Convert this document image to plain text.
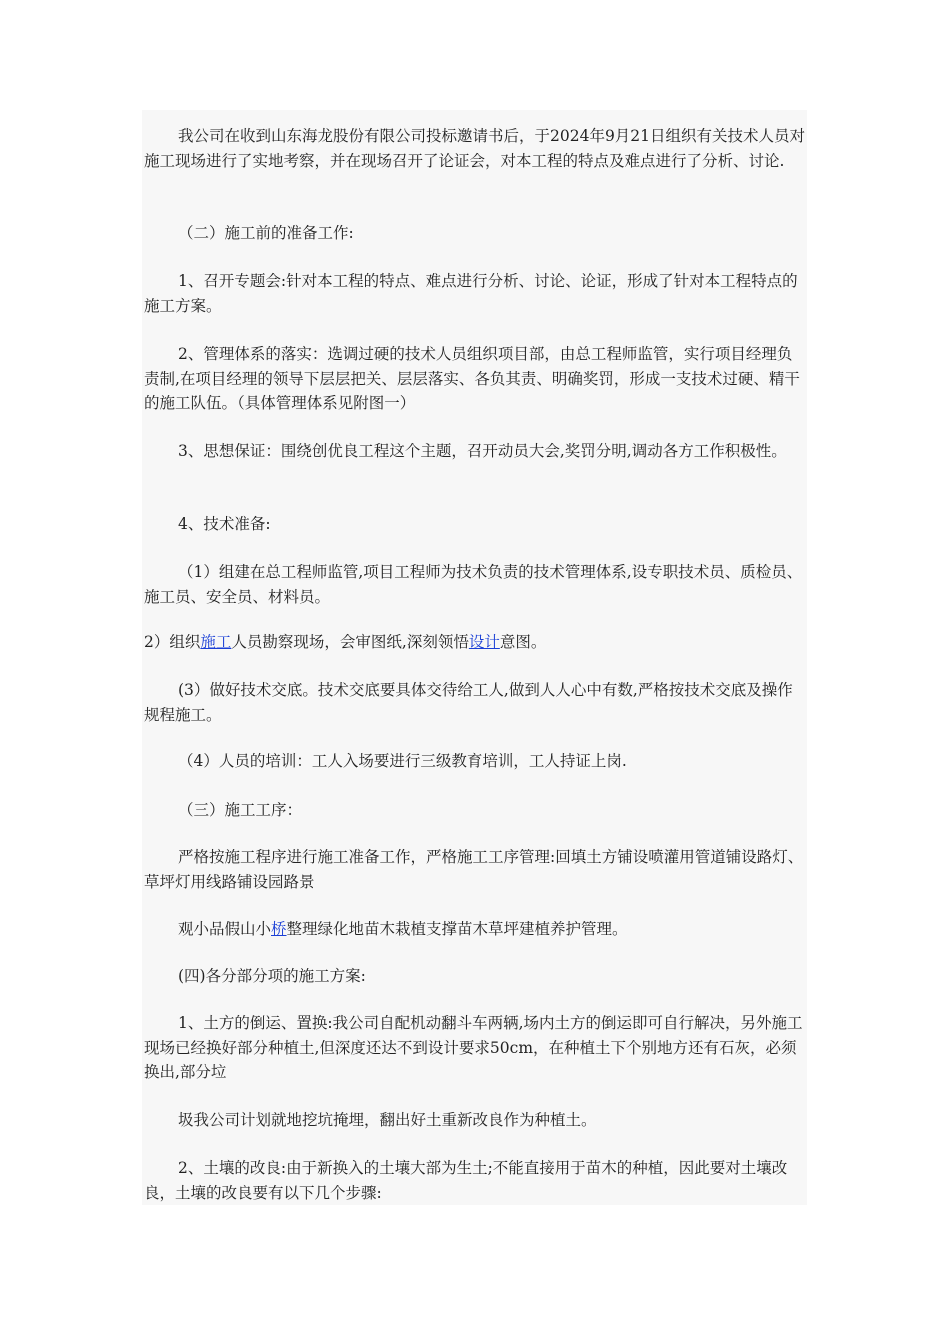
我公司在收到山东海龙股份有限公司投标邀请书后，于2024年9月21日组织有关技术人员对施工现场进行了实地考察，并在现场召开了论证会，对本工程的特点及难点进行了分析、讨论.

（二）施工前的准备工作:

1、召开专题会:针对本工程的特点、难点进行分析、讨论、论证，形成了针对本工程特点的施工方案。

2、管理体系的落实：选调过硬的技术人员组织项目部，由总工程师监管，实行项目经理负责制,在项目经理的领导下层层把关、层层落实、各负其责、明确奖罚，形成一支技术过硬、精干的施工队伍。（具体管理体系见附图一）

3、思想保证：围绕创优良工程这个主题，召开动员大会,奖罚分明,调动各方工作积极性。

4、技术准备:

（1）组建在总工程师监管,项目工程师为技术负责的技术管理体系,设专职技术员、质检员、施工员、安全员、材料员。

2）组织施工人员勘察现场，会审图纸,深刻领悟设计意图。

(3）做好技术交底。技术交底要具体交待给工人,做到人人心中有数,严格按技术交底及操作规程施工。

（4）人员的培训：工人入场要进行三级教育培训，工人持证上岗.

（三）施工工序：

严格按施工程序进行施工准备工作，严格施工工序管理:回填土方铺设喷灌用管道铺设路灯、草坪灯用线路铺设园路景

观小品假山小桥整理绿化地苗木栽植支撑苗木草坪建植养护管理。

(四)各分部分项的施工方案:

1、土方的倒运、置换:我公司自配机动翻斗车两辆,场内土方的倒运即可自行解决，另外施工现场已经换好部分种植土,但深度还达不到设计要求50cm，在种植土下个别地方还有石灰，必须换出,部分垃

圾我公司计划就地挖坑掩埋，翻出好土重新改良作为种植土。

2、土壤的改良:由于新换入的土壤大部为生土;不能直接用于苗木的种植，因此要对土壤改良，土壤的改良要有以下几个步骤:
